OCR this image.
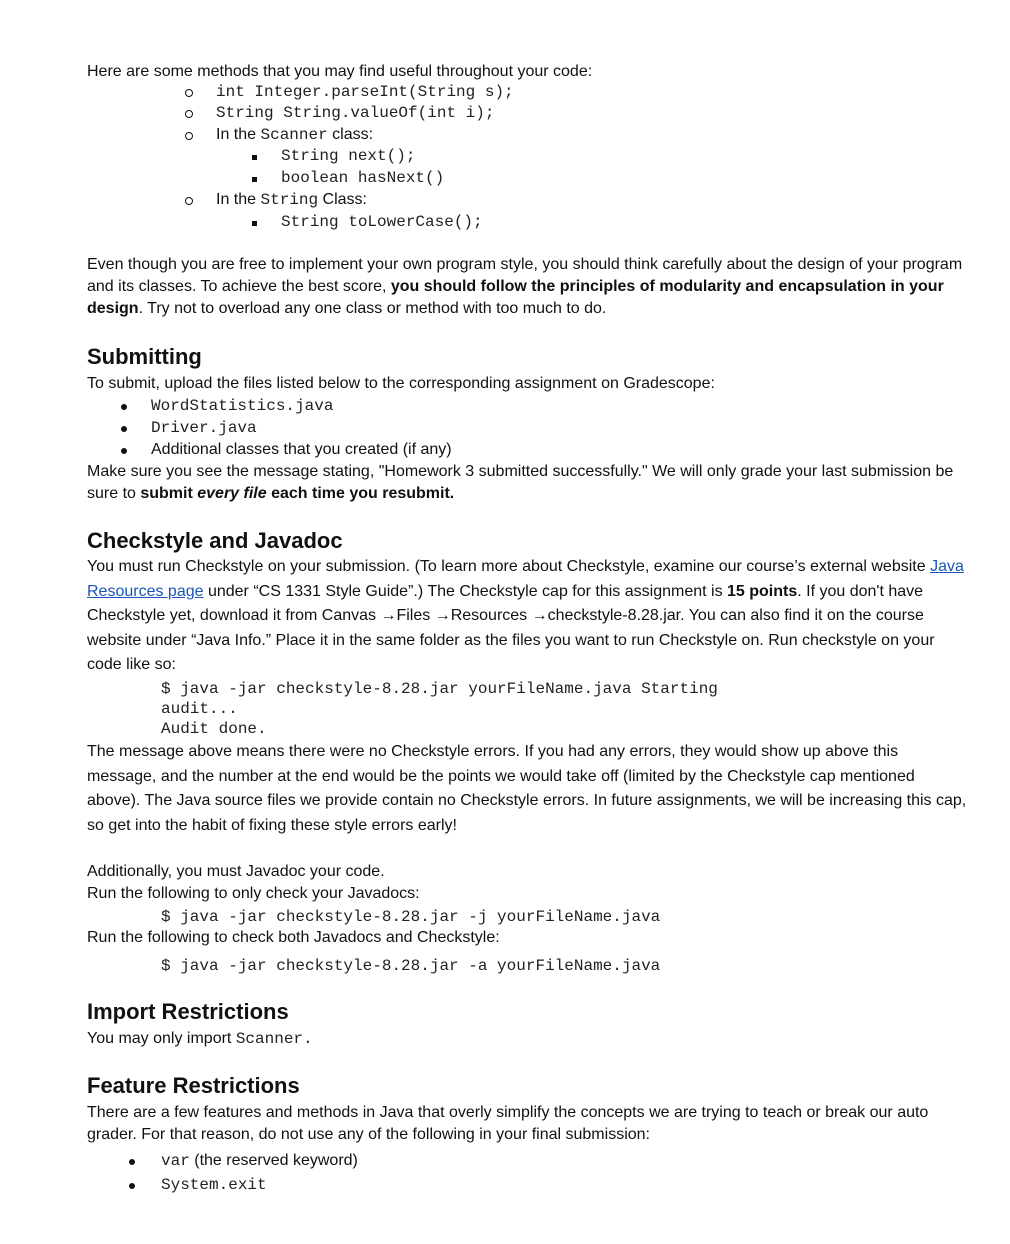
Here are some methods that you may find useful throughout your code:
int Integer.parseInt(String s);
String String.valueOf(int i);
In the Scanner class:
String next();
boolean hasNext()
In the String Class:
String toLowerCase();
Even though you are free to implement your own program style, you should think carefully about the design of your program and its classes. To achieve the best score, you should follow the principles of modularity and encapsulation in your design. Try not to overload any one class or method with too much to do.
Submitting
To submit, upload the files listed below to the corresponding assignment on Gradescope:
WordStatistics.java
Driver.java
Additional classes that you created (if any)
Make sure you see the message stating, "Homework 3 submitted successfully." We will only grade your last submission be sure to submit every file each time you resubmit.
Checkstyle and Javadoc
You must run Checkstyle on your submission. (To learn more about Checkstyle, examine our course’s external website Java Resources page under “CS 1331 Style Guide”.) The Checkstyle cap for this assignment is 15 points. If you don't have Checkstyle yet, download it from Canvas →Files →Resources →checkstyle-8.28.jar. You can also find it on the course website under “Java Info.” Place it in the same folder as the files you want to run Checkstyle on. Run checkstyle on your code like so:
$ java -jar checkstyle-8.28.jar yourFileName.java Starting
audit...
Audit done.
The message above means there were no Checkstyle errors. If you had any errors, they would show up above this message, and the number at the end would be the points we would take off (limited by the Checkstyle cap mentioned above). The Java source files we provide contain no Checkstyle errors. In future assignments, we will be increasing this cap, so get into the habit of fixing these style errors early!
Additionally, you must Javadoc your code.
Run the following to only check your Javadocs:
$ java -jar checkstyle-8.28.jar -j yourFileName.java
Run the following to check both Javadocs and Checkstyle:
$ java -jar checkstyle-8.28.jar -a yourFileName.java
Import Restrictions
You may only import Scanner.
Feature Restrictions
There are a few features and methods in Java that overly simplify the concepts we are trying to teach or break our auto grader. For that reason, do not use any of the following in your final submission:
var (the reserved keyword)
System.exit
